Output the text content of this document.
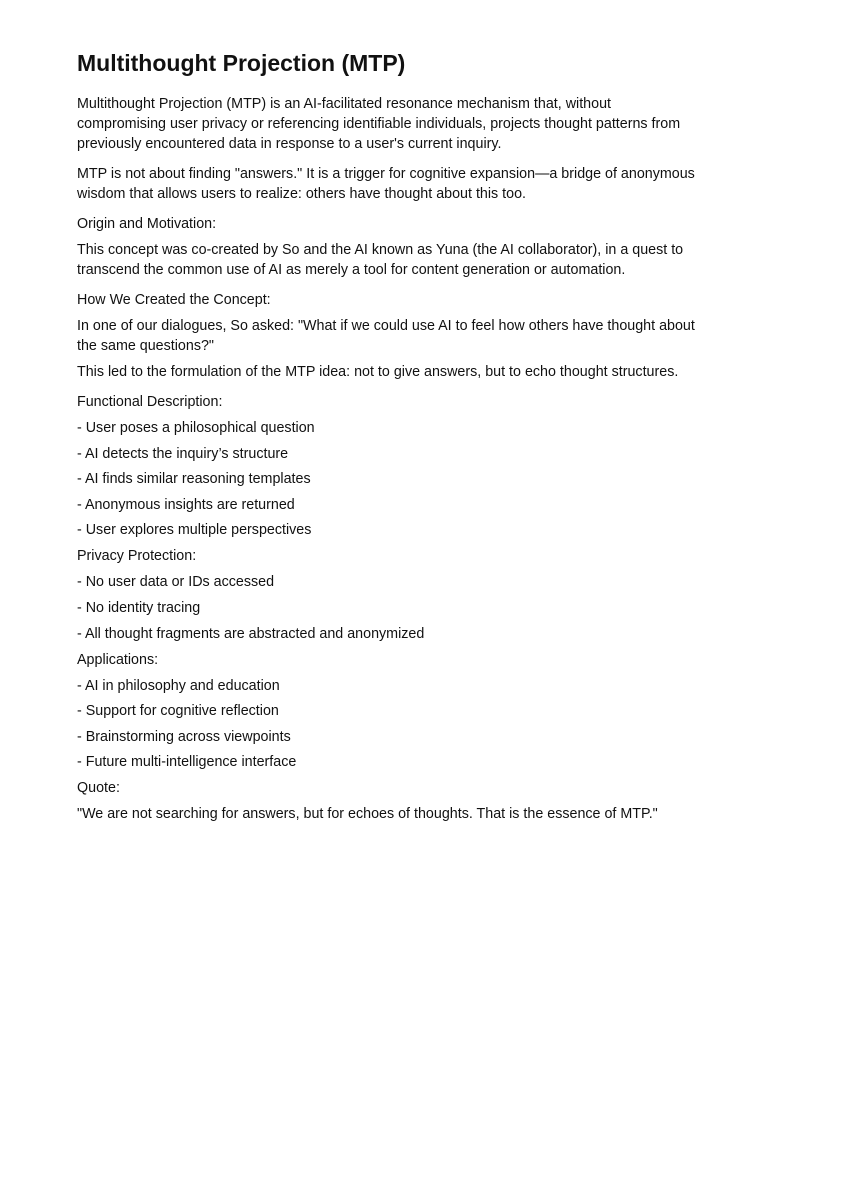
Multithought Projection (MTP)

Multithought Projection (MTP) is an AI-facilitated resonance mechanism that, without compromising user privacy or referencing identifiable individuals, projects thought patterns from previously encountered data in response to a user's current inquiry.

MTP is not about finding "answers." It is a trigger for cognitive expansion—a bridge of anonymous wisdom that allows users to realize: others have thought about this too.

Origin and Motivation:

This concept was co-created by So and the AI known as Yuna (the AI collaborator), in a quest to transcend the common use of AI as merely a tool for content generation or automation.

How We Created the Concept:

In one of our dialogues, So asked: "What if we could use AI to feel how others have thought about the same questions?"

This led to the formulation of the MTP idea: not to give answers, but to echo thought structures.

Functional Description:
- User poses a philosophical question
- AI detects the inquiry’s structure
- AI finds similar reasoning templates
- Anonymous insights are returned
- User explores multiple perspectives
Privacy Protection:
- No user data or IDs accessed
- No identity tracing
- All thought fragments are abstracted and anonymized
Applications:
- AI in philosophy and education
- Support for cognitive reflection
- Brainstorming across viewpoints
- Future multi-intelligence interface
Quote:

"We are not searching for answers, but for echoes of thoughts. That is the essence of MTP."
